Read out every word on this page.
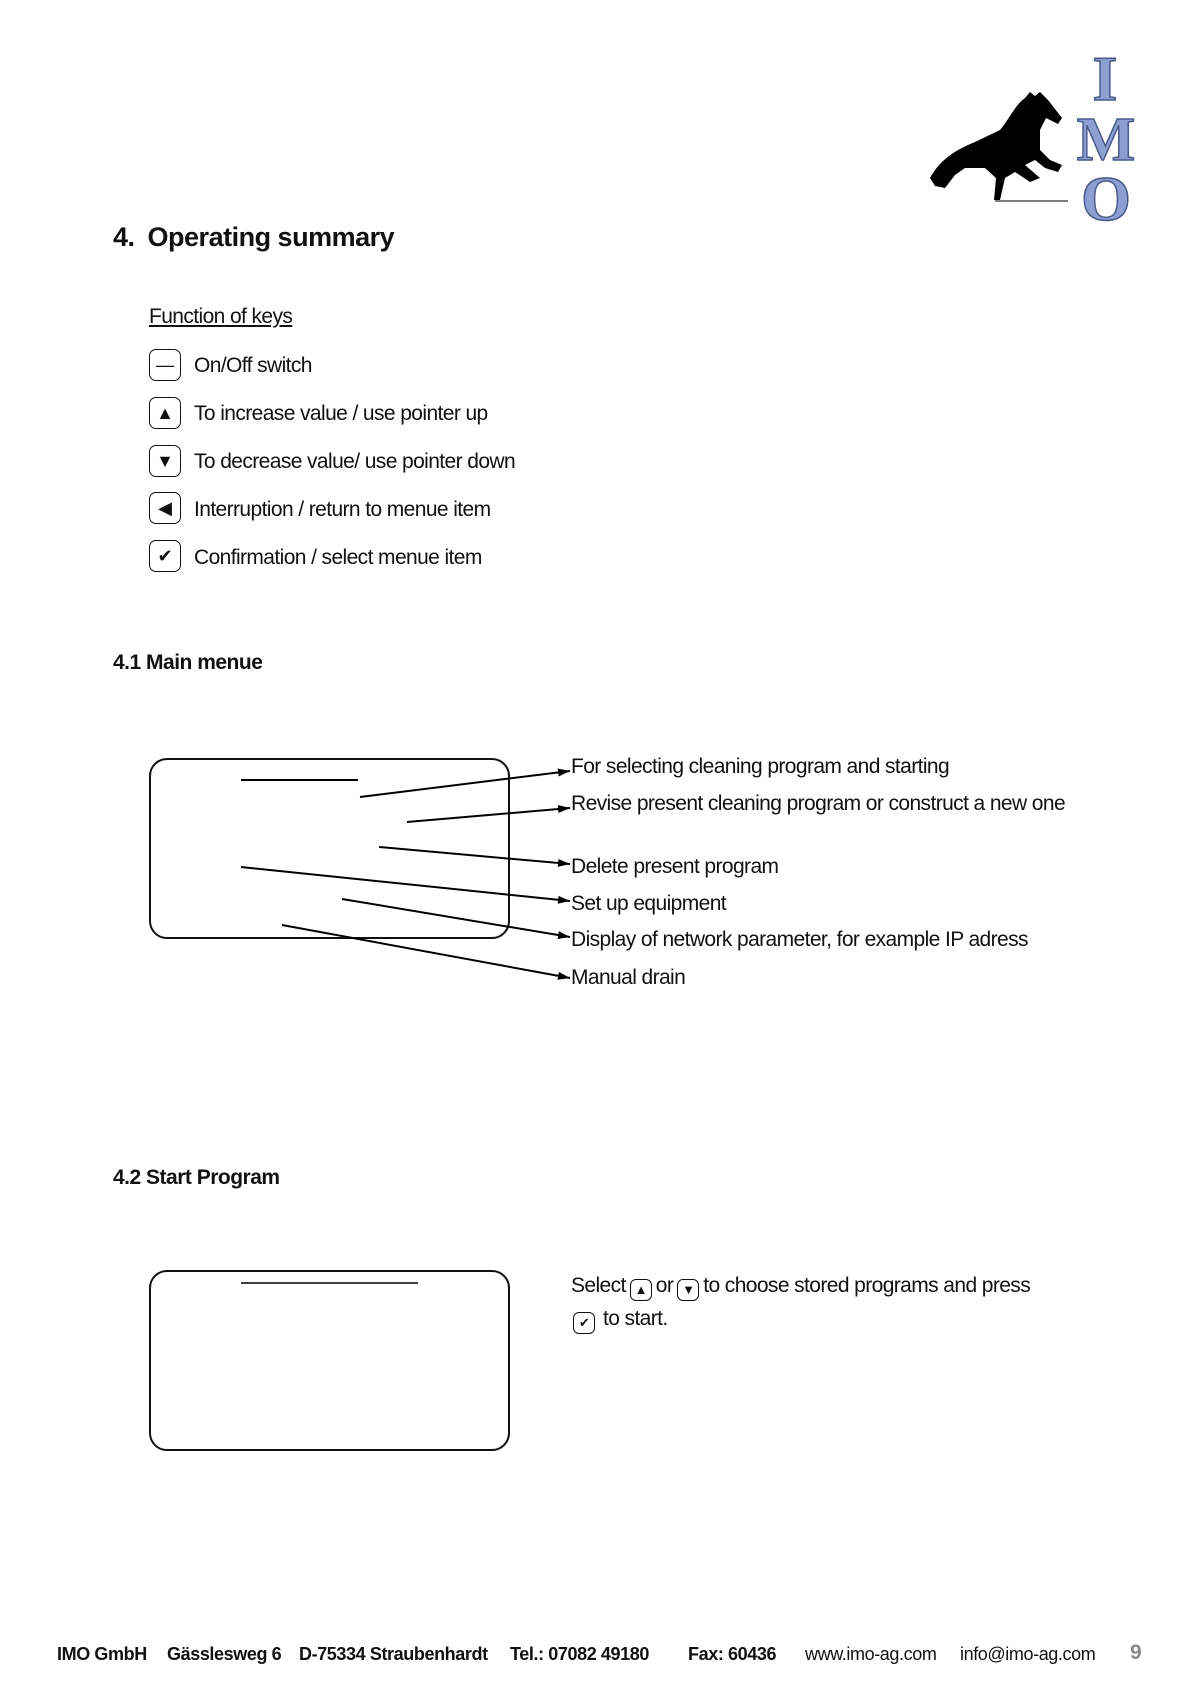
I
M
O
4. Operating summary
Function of keys
— On/Off switch
▲ To increase value / use pointer up
▼ To decrease value/ use pointer down
◀	Interruption / return to menue item
✔	Confirmation / select menue item
4.1 Main menue
For selecting cleaning program and starting
Revise present cleaning program or construct a new one
Delete present program
Set up equipment
Display of network parameter, for example IP adress
Manual drain
4.2 Start Program
Select ▲ or ▼ to choose stored programs and press
✔ to start.
IMO GmbH Gässlesweg 6 D-75334 Straubenhardt Tel.: 07082 49180 Fax: 60436 www.imo-ag.com info@imo-ag.com 9
